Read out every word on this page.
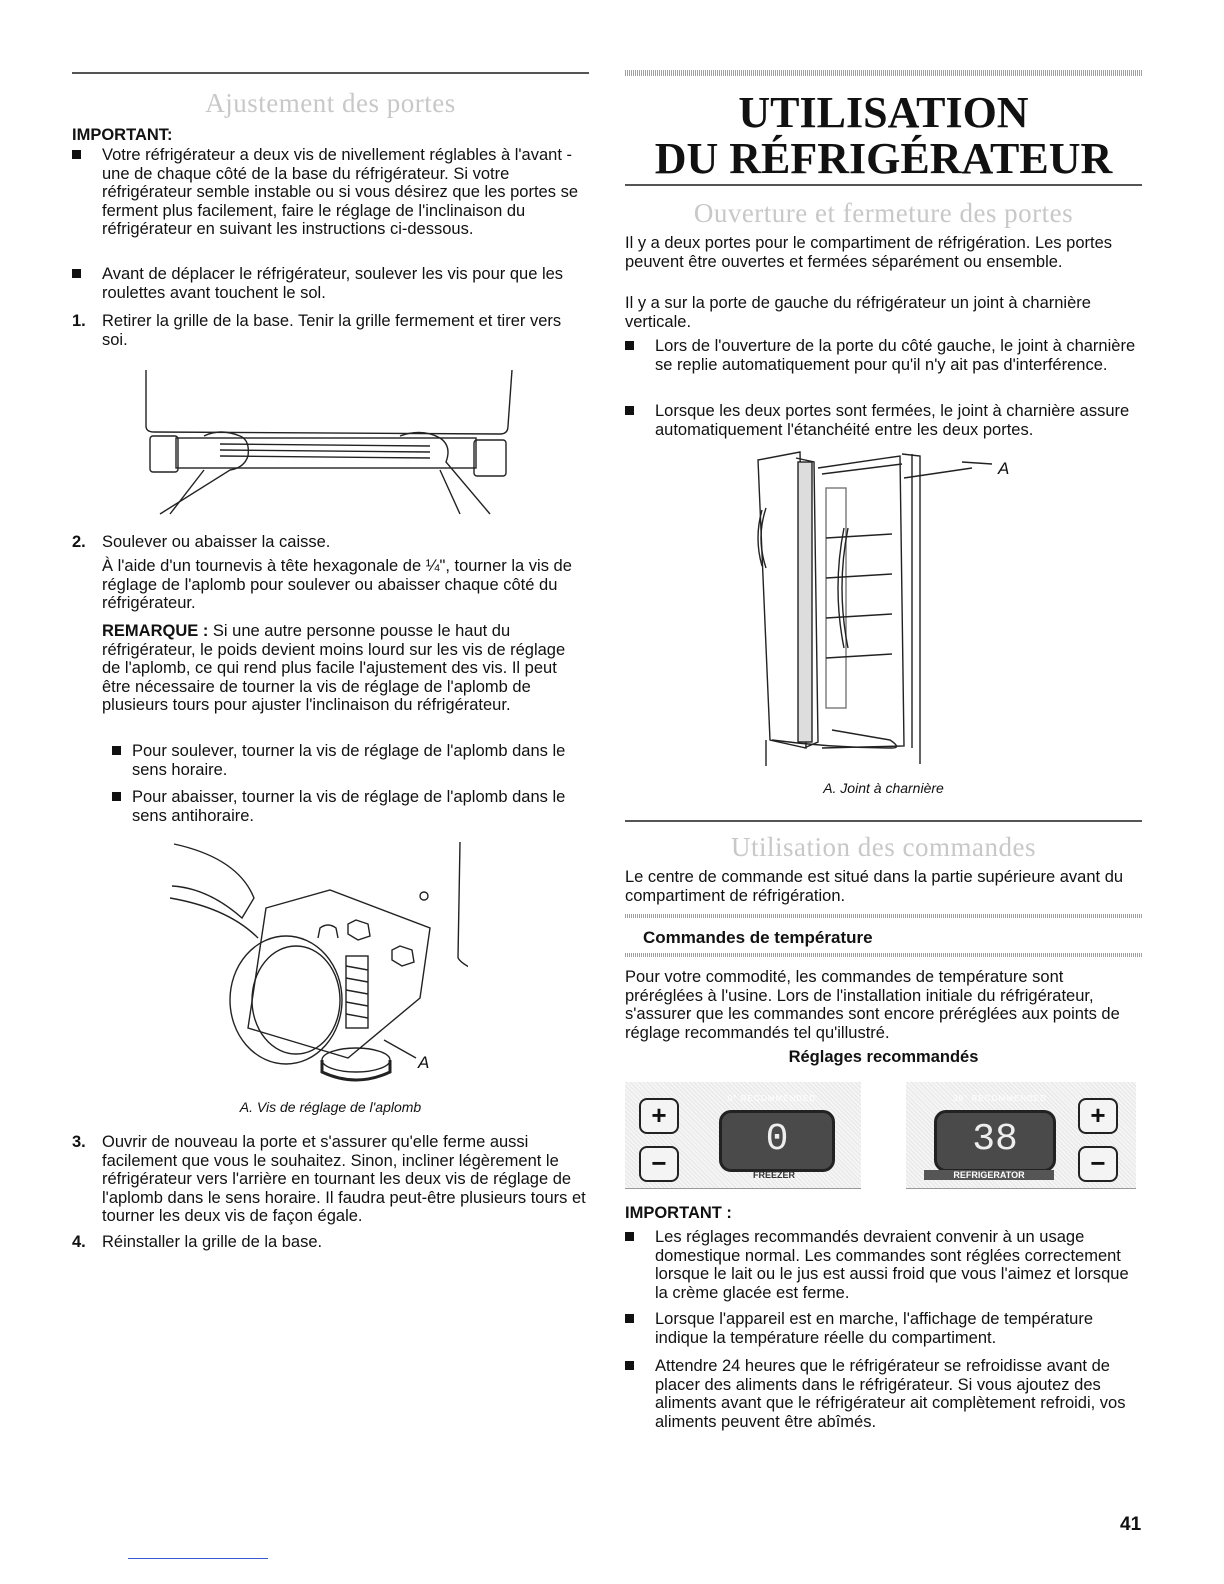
Ajustement des portes

IMPORTANT:

Votre réfrigérateur a deux vis de nivellement réglables à l'avant - une de chaque côté de la base du réfrigérateur. Si votre réfrigérateur semble instable ou si vous désirez que les portes se ferment plus facilement, faire le réglage de l'inclinaison du réfrigérateur en suivant les instructions ci-dessous.

Avant de déplacer le réfrigérateur, soulever les vis pour que les roulettes avant touchent le sol.

1. Retirer la grille de la base. Tenir la grille fermement et tirer vers soi.

2. Soulever ou abaisser la caisse.

À l'aide d'un tournevis à tête hexagonale de ¼", tourner la vis de réglage de l'aplomb pour soulever ou abaisser chaque côté du réfrigérateur.

REMARQUE : Si une autre personne pousse le haut du réfrigérateur, le poids devient moins lourd sur les vis de réglage de l'aplomb, ce qui rend plus facile l'ajustement des vis. Il peut être nécessaire de tourner la vis de réglage de l'aplomb de plusieurs tours pour ajuster l'inclinaison du réfrigérateur.

Pour soulever, tourner la vis de réglage de l'aplomb dans le sens horaire.

Pour abaisser, tourner la vis de réglage de l'aplomb dans le sens antihoraire.

A

A. Vis de réglage de l'aplomb

3. Ouvrir de nouveau la porte et s'assurer qu'elle ferme aussi facilement que vous le souhaitez. Sinon, incliner légèrement le réfrigérateur vers l'arrière en tournant les deux vis de réglage de l'aplomb dans le sens horaire. Il faudra peut-être plusieurs tours et tourner les deux vis de façon égale.

4. Réinstaller la grille de la base.

UTILISATION
DU RÉFRIGÉRATEUR
Ouverture et fermeture des portes

Il y a deux portes pour le compartiment de réfrigération. Les portes peuvent être ouvertes et fermées séparément ou ensemble.

Il y a sur la porte de gauche du réfrigérateur un joint à charnière verticale.

Lors de l'ouverture de la porte du côté gauche, le joint à charnière se replie automatiquement pour qu'il n'y ait pas d'interférence.

Lorsque les deux portes sont fermées, le joint à charnière assure automatiquement l'étanchéité entre les deux portes.

A

A. Joint à charnière

Utilisation des commandes

Le centre de commande est situé dans la partie supérieure avant du compartiment de réfrigération.

Commandes de température

Pour votre commodité, les commandes de température sont préréglées à l'usine. Lors de l'installation initiale du réfrigérateur, s'assurer que les commandes sont encore préréglées aux points de réglage recommandés tel qu'illustré.

Réglages recommandés

+
−
0° RECOMMENDED
0
FREEZER
38° RECOMMENDED
38
REFRIGERATOR
+
−

IMPORTANT :

Les réglages recommandés devraient convenir à un usage domestique normal. Les commandes sont réglées correctement lorsque le lait ou le jus est aussi froid que vous l'aimez et lorsque la crème glacée est ferme.

Lorsque l'appareil est en marche, l'affichage de température indique la température réelle du compartiment.

Attendre 24 heures que le réfrigérateur se refroidisse avant de placer des aliments dans le réfrigérateur. Si vous ajoutez des aliments avant que le réfrigérateur ait complètement refroidi, vos aliments peuvent être abîmés.

41
